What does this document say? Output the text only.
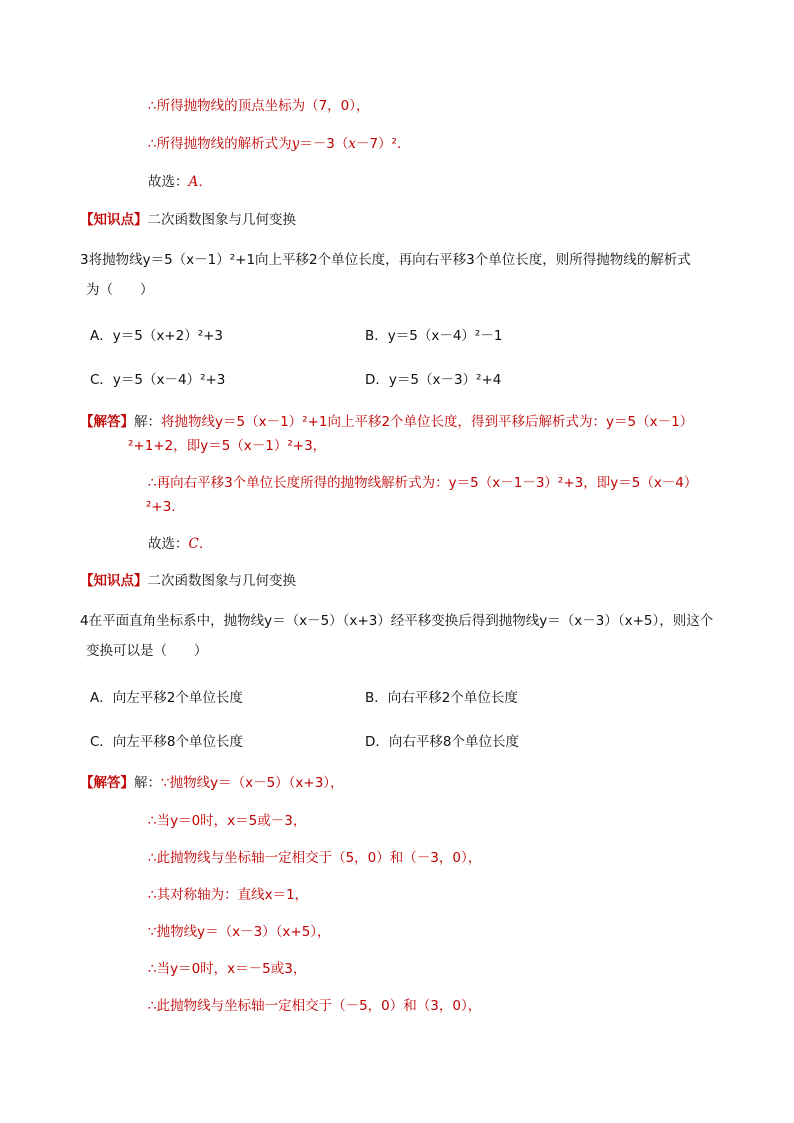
∴所得抛物线的顶点坐标为（7，0），
∴所得抛物线的解析式为y＝－3（x－7）²．
故选：A．
【知识点】二次函数图象与几何变换
3将抛物线y＝5（x－1）²+1向上平移2个单位长度，再向右平移3个单位长度，则所得抛物线的解析式
为（　　）
A．y＝5（x+2）²+3	B．y＝5（x－4）²－1
C．y＝5（x－4）²+3	D．y＝5（x－3）²+4
【解答】解：将抛物线y＝5（x－1）²+1向上平移2个单位长度，得到平移后解析式为：y＝5（x－1）
²+1+2，即y＝5（x－1）²+3，
∴再向右平移3个单位长度所得的抛物线解析式为：y＝5（x－1－3）²+3，即y＝5（x－4）
²+3．
故选：C．
【知识点】二次函数图象与几何变换
4在平面直角坐标系中，抛物线y＝（x－5）（x+3）经平移变换后得到抛物线y＝（x－3）（x+5），则这个
变换可以是（　　）
A．向左平移2个单位长度	B．向右平移2个单位长度
C．向左平移8个单位长度	D．向右平移8个单位长度
【解答】解：∵抛物线y＝（x－5）（x+3），
∴当y＝0时，x＝5或－3，
∴此抛物线与坐标轴一定相交于（5，0）和（－3，0），
∴其对称轴为：直线x＝1，
∵抛物线y＝（x－3）（x+5），
∴当y＝0时，x＝－5或3，
∴此抛物线与坐标轴一定相交于（－5，0）和（3，0），
